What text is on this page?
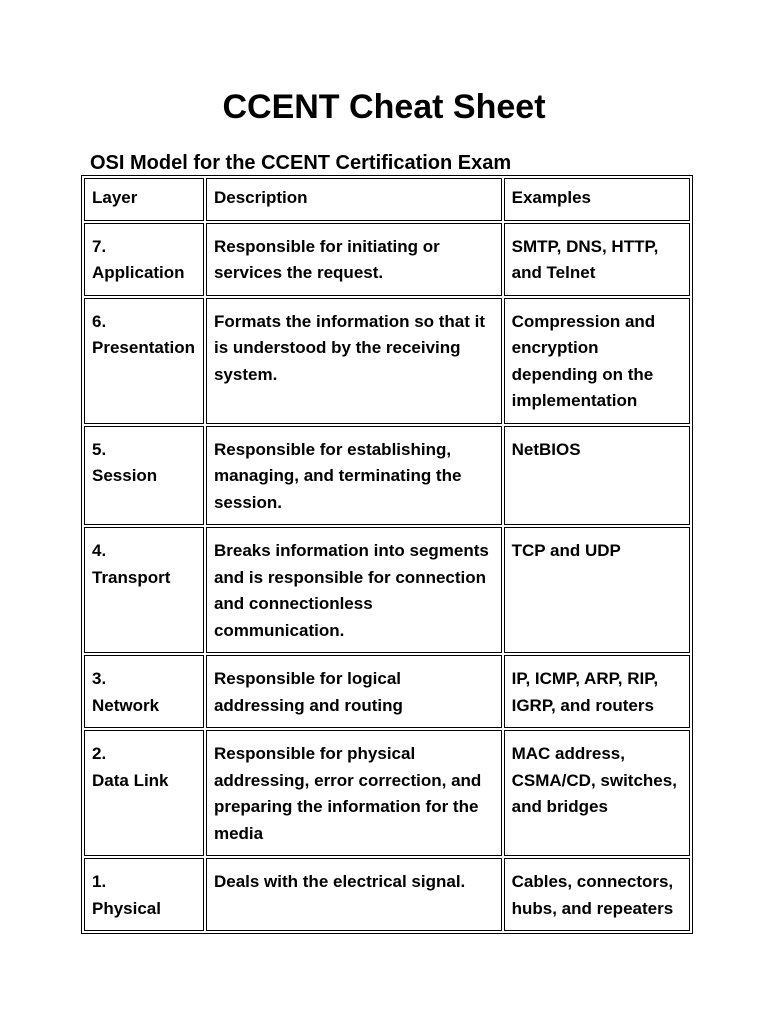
CCENT Cheat Sheet
OSI Model for the CCENT Certification Exam
Layer	Description	Examples

7.
Application	Responsible for initiating or services the request.	SMTP, DNS, HTTP, and Telnet

6.
Presentation	Formats the information so that it is understood by the receiving system.	Compression and encryption depending on the implementation

5.
Session	Responsible for establishing, managing, and terminating the session.	NetBIOS

4.
Transport	Breaks information into segments and is responsible for connection and connectionless communication.	TCP and UDP

3.
Network	Responsible for logical addressing and routing	IP, ICMP, ARP, RIP, IGRP, and routers

2.
Data Link	Responsible for physical addressing, error correction, and preparing the information for the media	MAC address, CSMA/CD, switches, and bridges

1.
Physical	Deals with the electrical signal.	Cables, connectors, hubs, and repeaters
